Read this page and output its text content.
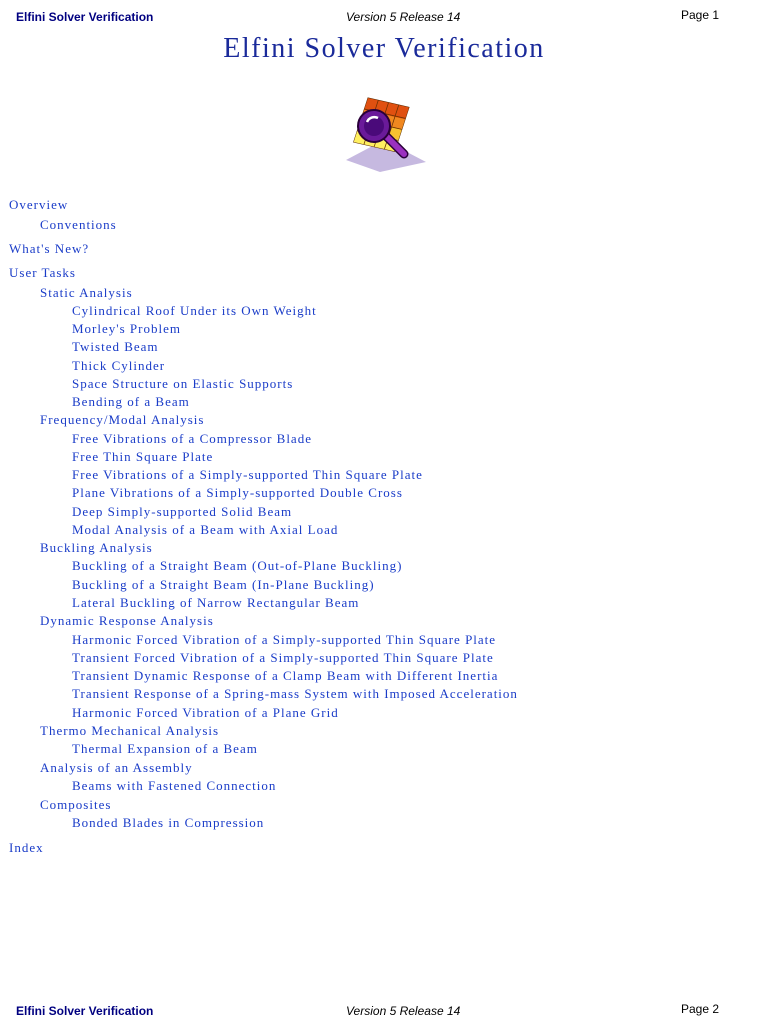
Elfini Solver Verification	Version 5 Release 14	Page 1
Elfini Solver Verification
Overview
Conventions
What's New?
User Tasks
Static Analysis
Cylindrical Roof Under its Own Weight
Morley's Problem
Twisted Beam
Thick Cylinder
Space Structure on Elastic Supports
Bending of a Beam
Frequency/Modal Analysis
Free Vibrations of a Compressor Blade
Free Thin Square Plate
Free Vibrations of a Simply-supported Thin Square Plate
Plane Vibrations of a Simply-supported Double Cross
Deep Simply-supported Solid Beam
Modal Analysis of a Beam with Axial Load
Buckling Analysis
Buckling of a Straight Beam (Out-of-Plane Buckling)
Buckling of a Straight Beam (In-Plane Buckling)
Lateral Buckling of Narrow Rectangular Beam
Dynamic Response Analysis
Harmonic Forced Vibration of a Simply-supported Thin Square Plate
Transient Forced Vibration of a Simply-supported Thin Square Plate
Transient Dynamic Response of a Clamp Beam with Different Inertia
Transient Response of a Spring-mass System with Imposed Acceleration
Harmonic Forced Vibration of a Plane Grid
Thermo Mechanical Analysis
Thermal Expansion of a Beam
Analysis of an Assembly
Beams with Fastened Connection
Composites
Bonded Blades in Compression
Index
Elfini Solver Verification	Version 5 Release 14	Page 2
